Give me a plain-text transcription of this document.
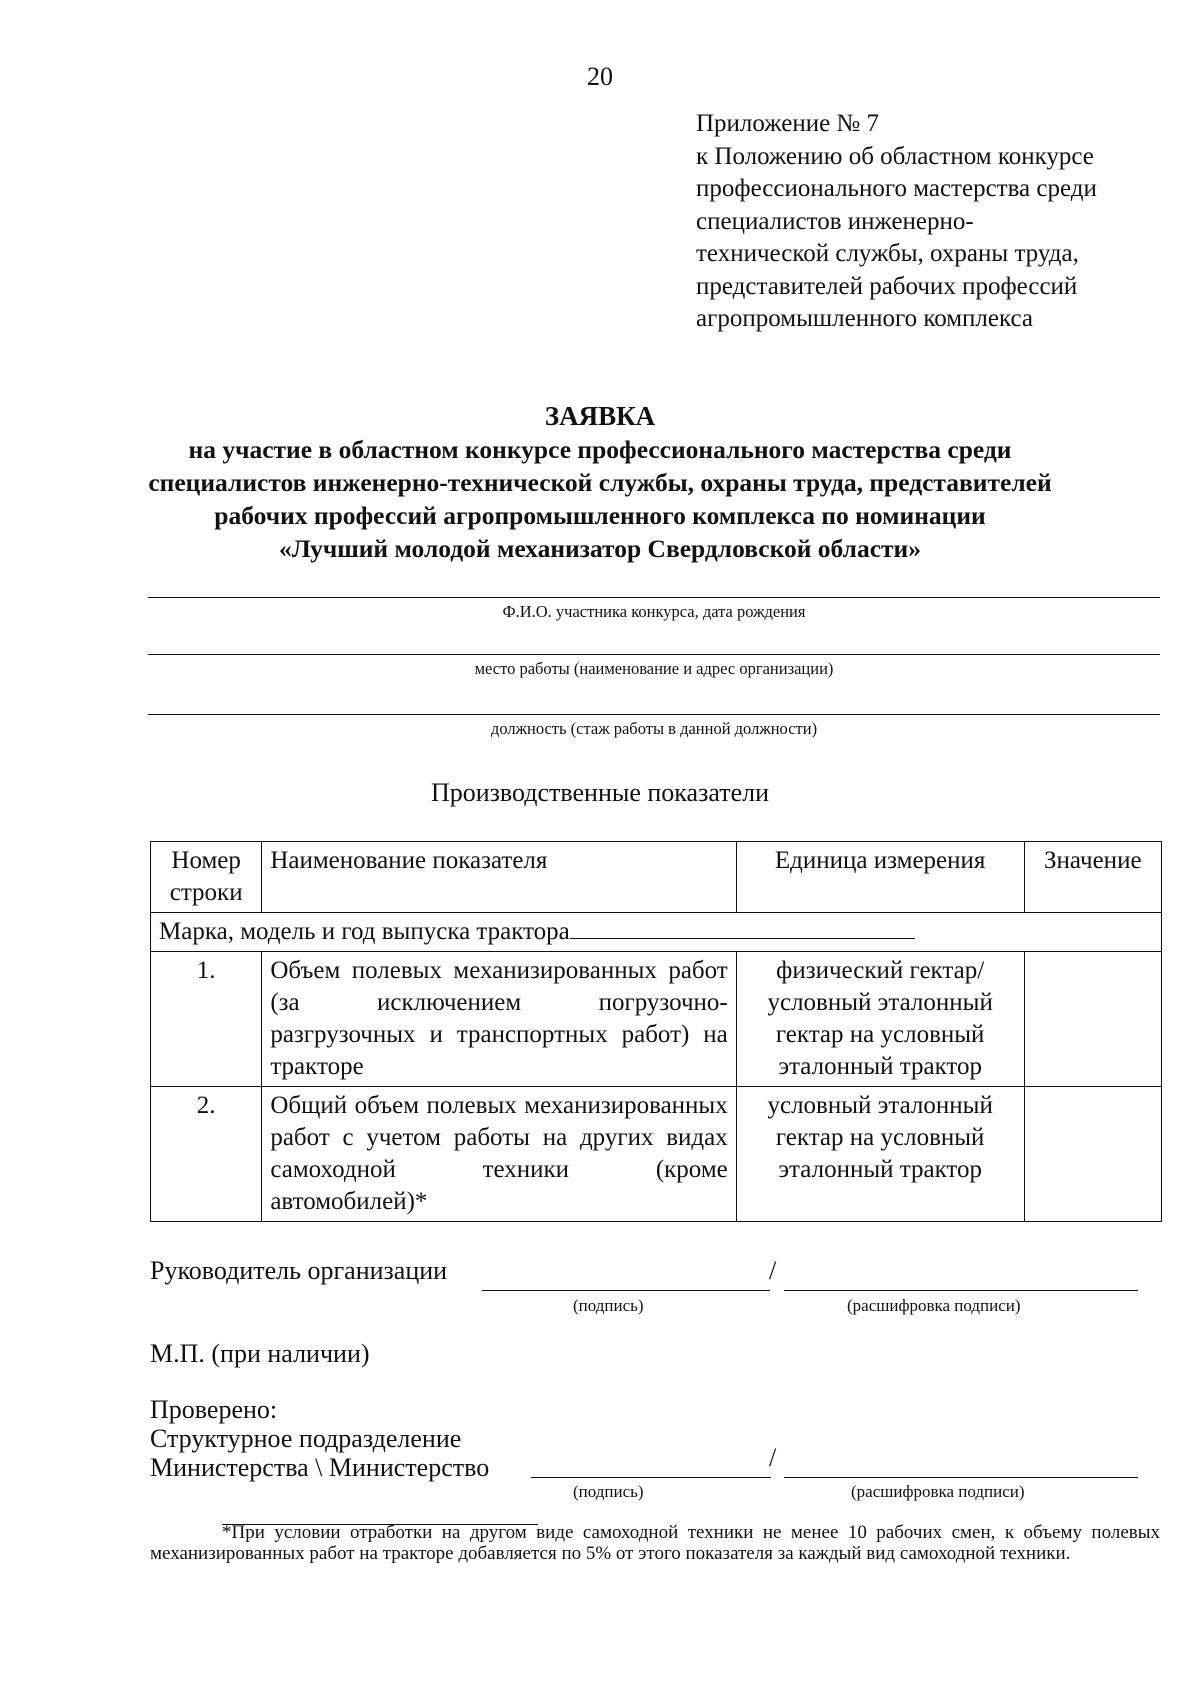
20
Приложение № 7
к Положению об областном конкурсе
профессионального мастерства среди
специалистов инженерно-
технической службы, охраны труда,
представителей рабочих профессий
агропромышленного комплекса
ЗАЯВКА
на участие в областном конкурсе профессионального мастерства среди
специалистов инженерно-технической службы, охраны труда, представителей
рабочих профессий агропромышленного комплекса по номинации
«Лучший молодой механизатор Свердловской области»
Ф.И.О. участника конкурса, дата рождения
место работы (наименование и адрес организации)
должность (стаж работы в данной должности)
Производственные показатели
Номер строки	Наименование показателя	Единица измерения	Значение
Марка, модель и год выпуска трактора			
1.	Объем полевых механизированных работ (за исключением погрузочно-разгрузочных и транспортных работ) на тракторе	физический гектар/ условный эталонный гектар на условный эталонный трактор	
2.	Общий объем полевых механизированных работ с учетом работы на других видах самоходной техники (кроме автомобилей)*	условный эталонный гектар на условный эталонный трактор	
Руководитель организации	/
(подпись)	(расшифровка подписи)
М.П. (при наличии)
Проверено:
Структурное подразделение
Министерства \ Министерство	/
(подпись)	(расшифровка подписи)
*При условии отработки на другом виде самоходной техники не менее 10 рабочих смен, к объему полевых механизированных работ на тракторе добавляется по 5% от этого показателя за каждый вид самоходной техники.
